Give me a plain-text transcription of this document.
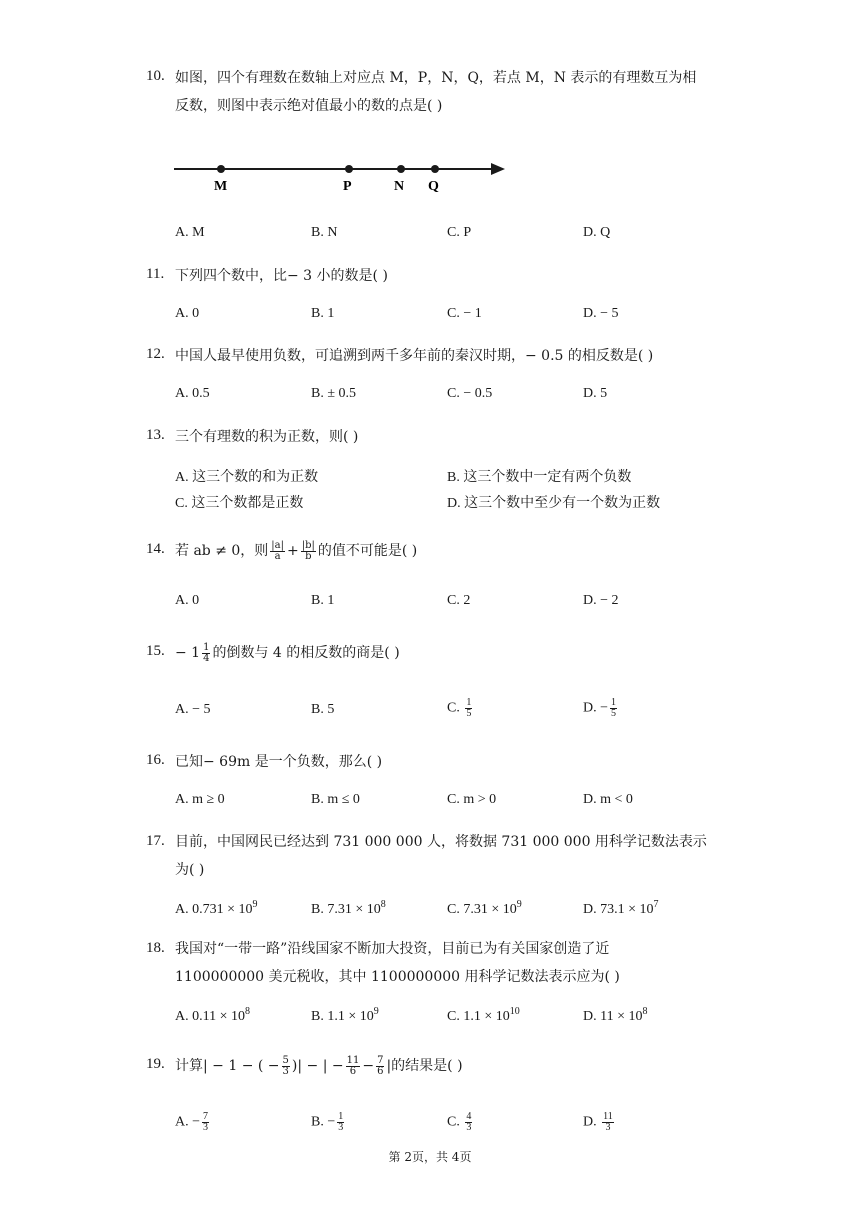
10. 如图，四个有理数在数轴上对应点 M，P，N，Q，若点 M，N 表示的有理数互为相
反数，则图中表示绝对值最小的数的点是( )
M	P	N Q
A. M	B. N	C. P	D. Q
11. 下列四个数中，比− 3 小的数是( )
A. 0	B. 1	C. − 1	D. − 5
12. 中国人最早使用负数，可追溯到两千多年前的秦汉时期，− 0.5 的相反数是( )
A. 0.5	B. ± 0.5	C. − 0.5	D. 5
13. 三个有理数的积为正数，则( )
A. 这三个数的和为正数	B. 这三个数中一定有两个负数
C. 这三个数都是正数	D. 这三个数中至少有一个数为正数
14. 若 ab ≠ 0，则 $\frac{|a|}{a} + \frac{|b|}{b}$ 的值不可能是( )
A. 0	B. 1	C. 2	D. − 2
15. − $1 \frac{1}{4}$ 的倒数与 4 的相反数的商是( )
A. − 5	B. 5	C. $\frac{1}{5}$	D. − $\frac{1}{5}$
16. 已知− 69m 是一个负数，那么( )
A. m ≥ 0	B. m ≤ 0	C. m > 0	D. m < 0
17. 目前，中国网民已经达到 731 000 000 人，将数据 731 000 000 用科学记数法表示
为( )
A. $0.731 \times 10^9$	B. $7.31 \times 10^8$	C. $7.31 \times 10^9$	D. $73.1 \times 10^7$
18. 我国对“一带一路”沿线国家不断加大投资，目前已为有关国家创造了近
1100000000 美元税收，其中 1100000000 用科学记数法表示应为( )
A. $0.11 \times 10^8$	B. $1.1 \times 10^9$	C. $1.1 \times 10^{10}$	D. $11 \times 10^8$
19. 计算| − 1 − ( − $\frac{5}{3}$ )| − | − $\frac{11}{6} - \frac{7}{6}$ |的结果是( )
A. − $\frac{7}{3}$	B. − $\frac{1}{3}$	C. $\frac{4}{3}$	D. $\frac{11}{3}$
第 2页，共 4页
